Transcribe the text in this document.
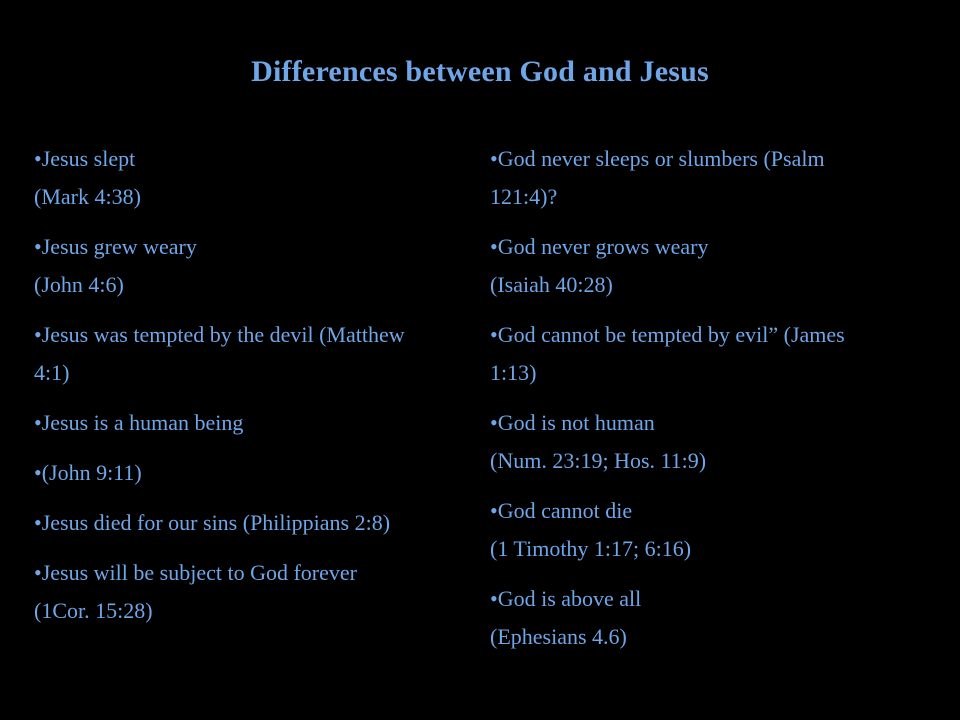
Differences between God and Jesus
•Jesus slept
(Mark 4:38)
•Jesus grew weary
(John 4:6)
•Jesus was tempted by the devil (Matthew
4:1)
•Jesus is a human being
•(John 9:11)
•Jesus died for our sins (Philippians 2:8)
•Jesus will be subject to God forever
(1Cor. 15:28)
•God never sleeps or slumbers (Psalm
121:4)?
•God never grows weary
(Isaiah 40:28)
•God cannot be tempted by evil” (James
1:13)
•God is not human
(Num. 23:19; Hos. 11:9)
•God cannot die
(1 Timothy 1:17; 6:16)
•God is above all
(Ephesians 4.6)
